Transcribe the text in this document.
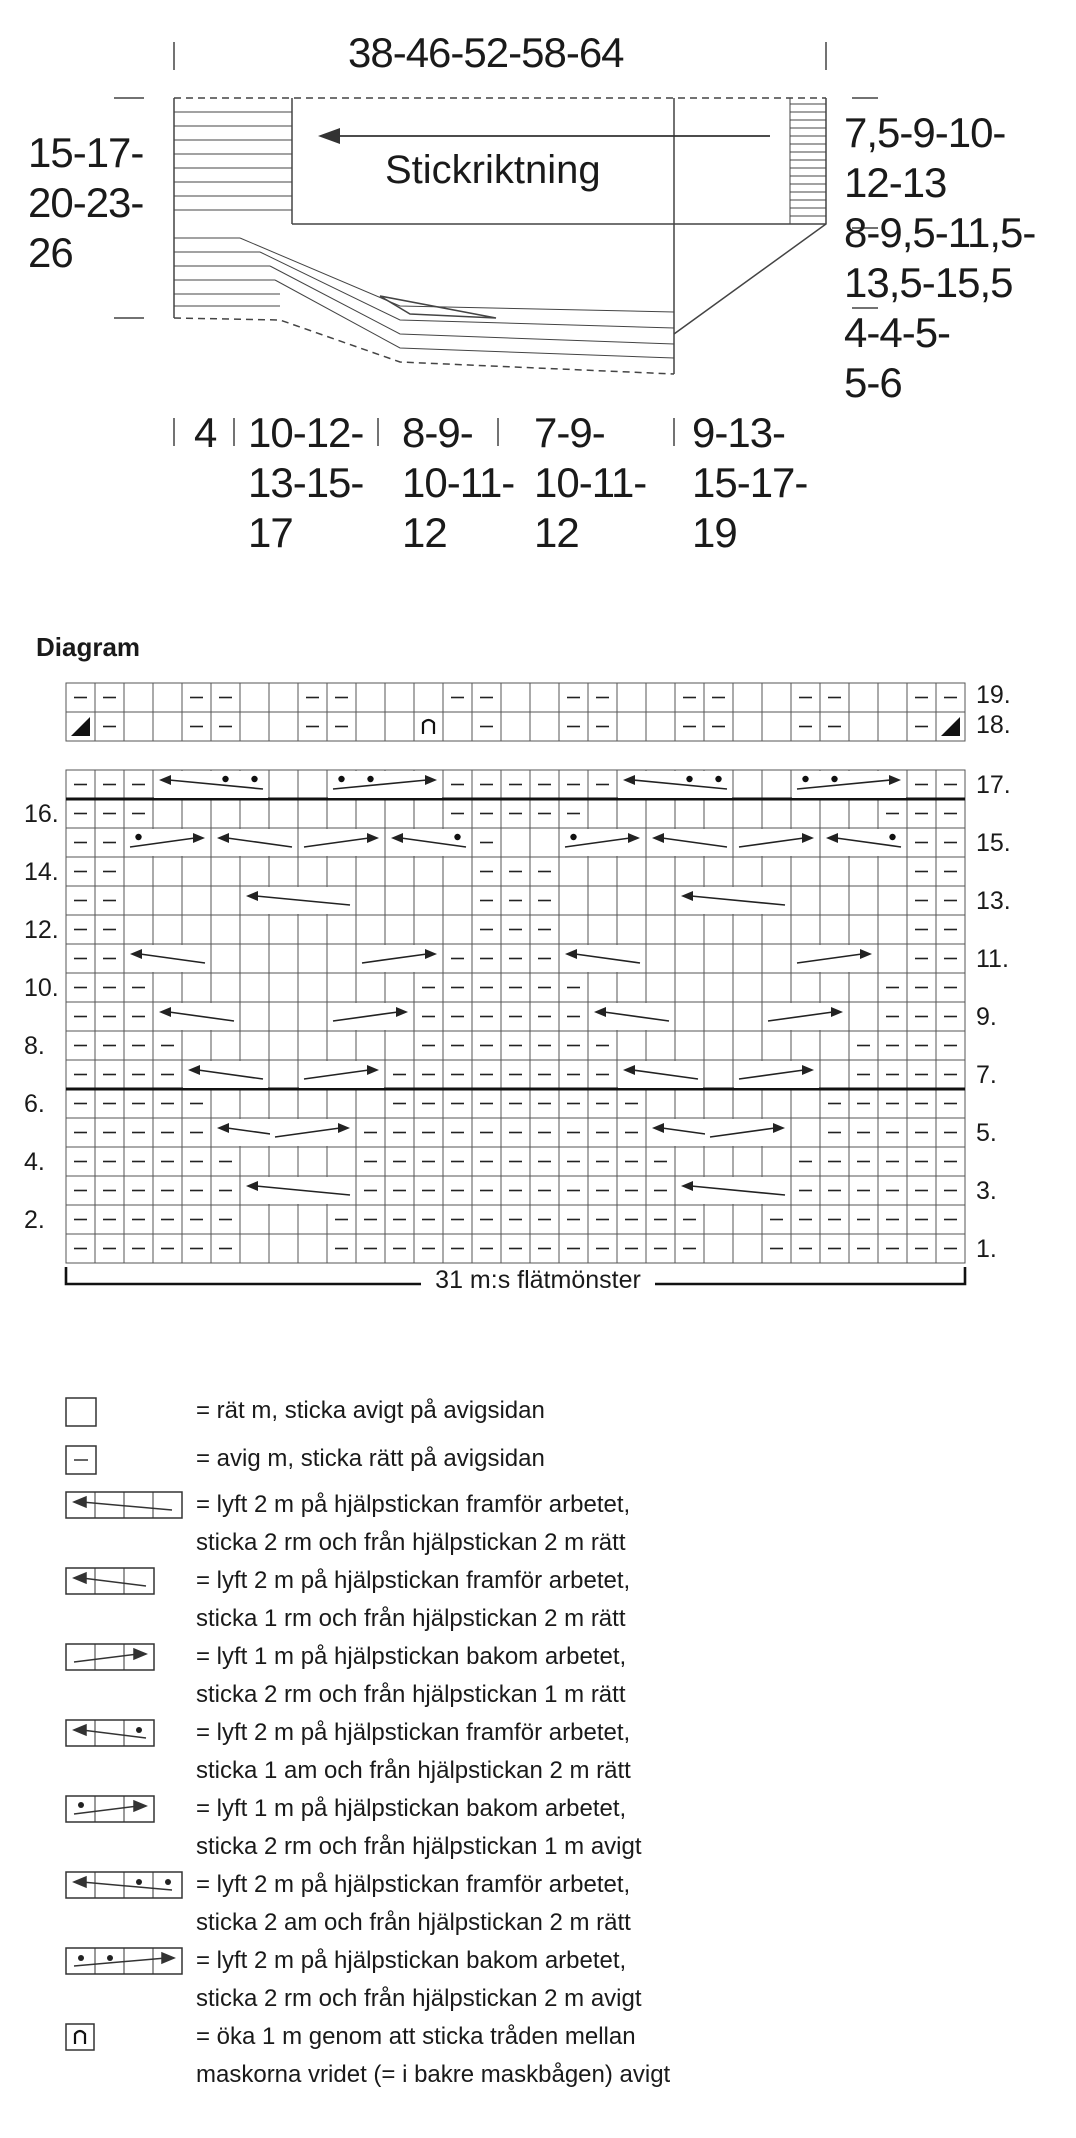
38-46-52-58-64
Stickriktning
15-17-
20-23-
26
7,5-9-10-
12-13
8-9,5-11,5-
13,5-15,5
4-4-5-
5-6
4 10-12-
13-15-
17
8-9-
10-11-
12
7-9-
10-11-
12
9-13-
15-17-
19
Diagram
19.
18.
17.
15.
13.
11.
9.
7.
5.
3.
1.
16.
14.
12.
10.
8.
6.
4.
2.
31 m:s flätmönster
= rät m, sticka avigt på avigsidan
= avig m, sticka rätt på avigsidan
= lyft 2 m på hjälpstickan framför arbetet,
sticka 2 rm och från hjälpstickan 2 m rätt
= lyft 2 m på hjälpstickan framför arbetet,
sticka 1 rm och från hjälpstickan 2 m rätt
= lyft 1 m på hjälpstickan bakom arbetet,
sticka 2 rm och från hjälpstickan 1 m rätt
= lyft 2 m på hjälpstickan framför arbetet,
sticka 1 am och från hjälpstickan 2 m rätt
= lyft 1 m på hjälpstickan bakom arbetet,
sticka 2 rm och från hjälpstickan 1 m avigt
= lyft 2 m på hjälpstickan framför arbetet,
sticka 2 am och från hjälpstickan 2 m rätt
= lyft 2 m på hjälpstickan bakom arbetet,
sticka 2 rm och från hjälpstickan 2 m avigt
= öka 1 m genom att sticka tråden mellan
maskorna vridet (= i bakre maskbågen) avigt
